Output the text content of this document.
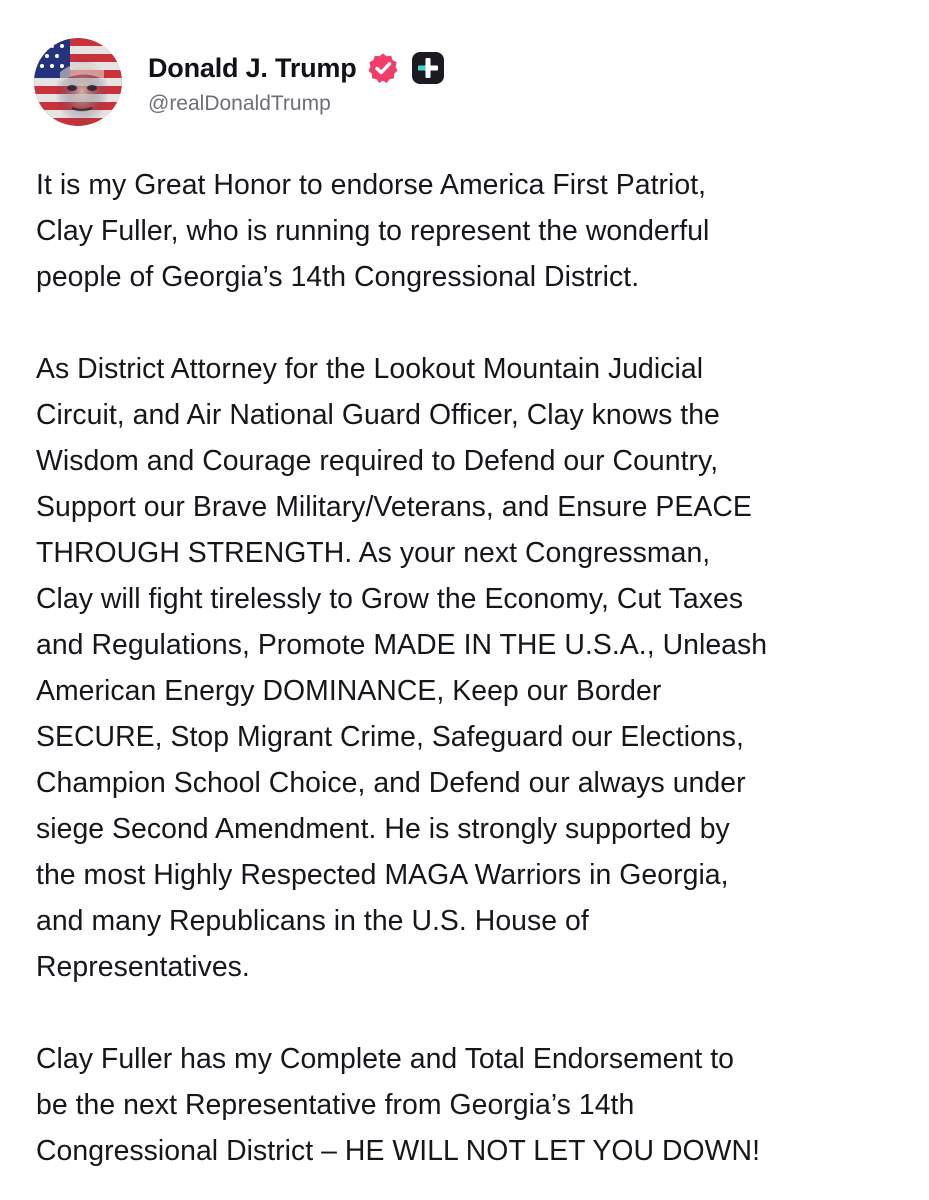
Donald J. Trump
@realDonaldTrump

It is my Great Honor to endorse America First Patriot,
Clay Fuller, who is running to represent the wonderful
people of Georgia’s 14th Congressional District.

As District Attorney for the Lookout Mountain Judicial
Circuit, and Air National Guard Officer, Clay knows the
Wisdom and Courage required to Defend our Country,
Support our Brave Military/Veterans, and Ensure PEACE
THROUGH STRENGTH. As your next Congressman,
Clay will fight tirelessly to Grow the Economy, Cut Taxes
and Regulations, Promote MADE IN THE U.S.A., Unleash
American Energy DOMINANCE, Keep our Border
SECURE, Stop Migrant Crime, Safeguard our Elections,
Champion School Choice, and Defend our always under
siege Second Amendment. He is strongly supported by
the most Highly Respected MAGA Warriors in Georgia,
and many Republicans in the U.S. House of
Representatives.

Clay Fuller has my Complete and Total Endorsement to
be the next Representative from Georgia’s 14th
Congressional District – HE WILL NOT LET YOU DOWN!
